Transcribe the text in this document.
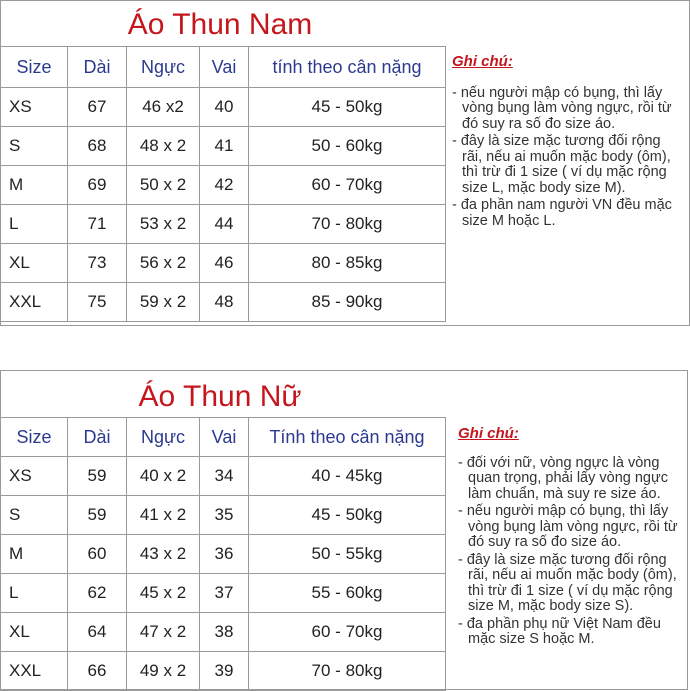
Áo Thun Nam
Size	Dài	Ngực	Vai	tính theo cân nặng
XS	67	46 x2	40	45 - 50kg
S	68	48 x 2	41	50 - 60kg
M	69	50 x 2	42	60 - 70kg
L	71	53 x 2	44	70 - 80kg
XL	73	56 x 2	46	80 - 85kg
XXL	75	59 x 2	48	85 - 90kg
Ghi chú:
- nếu người mập có bụng, thì lấy vòng bụng làm vòng ngực, rồi từ đó suy ra số đo size áo.
- đây là size mặc tương đối rộng rãi, nếu ai muốn mặc body (ôm), thì trừ đi 1 size ( ví dụ mặc rộng size L, mặc body size M).
- đa phần nam người VN đều mặc size M hoặc L.
Áo Thun Nữ
Size	Dài	Ngực	Vai	Tính theo cân nặng
XS	59	40 x 2	34	40 - 45kg
S	59	41 x 2	35	45 - 50kg
M	60	43 x 2	36	50 - 55kg
L	62	45 x 2	37	55 - 60kg
XL	64	47 x 2	38	60 - 70kg
XXL	66	49 x 2	39	70 - 80kg
Ghi chú:
- đối với nữ, vòng ngực là vòng quan trọng, phải lấy vòng ngực làm chuẩn, mà suy re size áo.
- nếu người mập có bụng, thì lấy vòng bụng làm vòng ngực, rồi từ đó suy ra số đo size áo.
- đây là size mặc tương đối rộng rãi, nếu ai muốn mặc body (ôm), thì trừ đi 1 size ( ví dụ mặc rộng size M, mặc body size S).
- đa phần phụ nữ Việt Nam đều mặc size S hoặc M.
